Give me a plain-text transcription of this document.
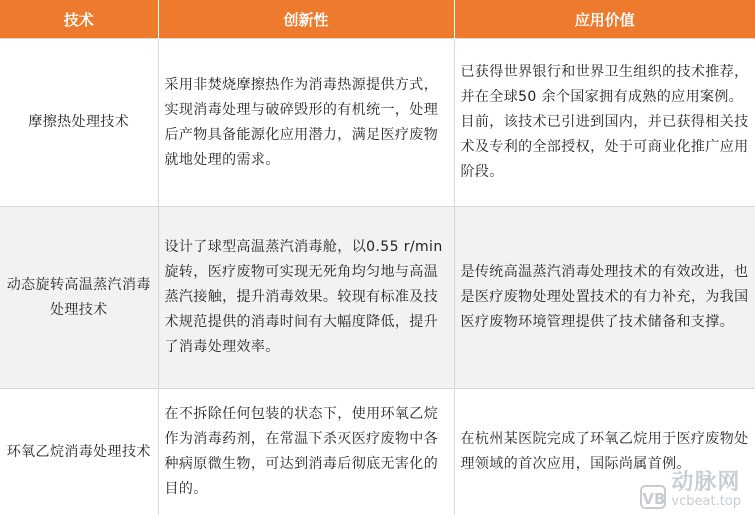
技术	创新性	应用价值
摩擦热处理技术	采用非焚烧摩擦热作为消毒热源提供方式，实现消毒处理与破碎毁形的有机统一，处理后产物具备能源化应用潜力，满足医疗废物就地处理的需求。	已获得世界银行和世界卫生组织的技术推荐，并在全球50 余个国家拥有成熟的应用案例。目前，该技术已引进到国内，并已获得相关技术及专利的全部授权，处于可商业化推广应用阶段。
动态旋转高温蒸汽消毒处理技术	设计了球型高温蒸汽消毒舱，以0.55 r/min 旋转，医疗废物可实现无死角均匀地与高温蒸汽接触，提升消毒效果。较现有标准及技术规范提供的消毒时间有大幅度降低，提升了消毒处理效率。	是传统高温蒸汽消毒处理技术的有效改进，也是医疗废物处理处置技术的有力补充，为我国医疗废物环境管理提供了技术储备和支撑。
环氧乙烷消毒处理技术	在不拆除任何包装的状态下，使用环氧乙烷作为消毒药剂，在常温下杀灭医疗废物中各种病原微生物，可达到消毒后彻底无害化的目的。	在杭州某医院完成了环氧乙烷用于医疗废物处理领域的首次应用，国际尚属首例。
VB
动脉网
vcbeat.top
